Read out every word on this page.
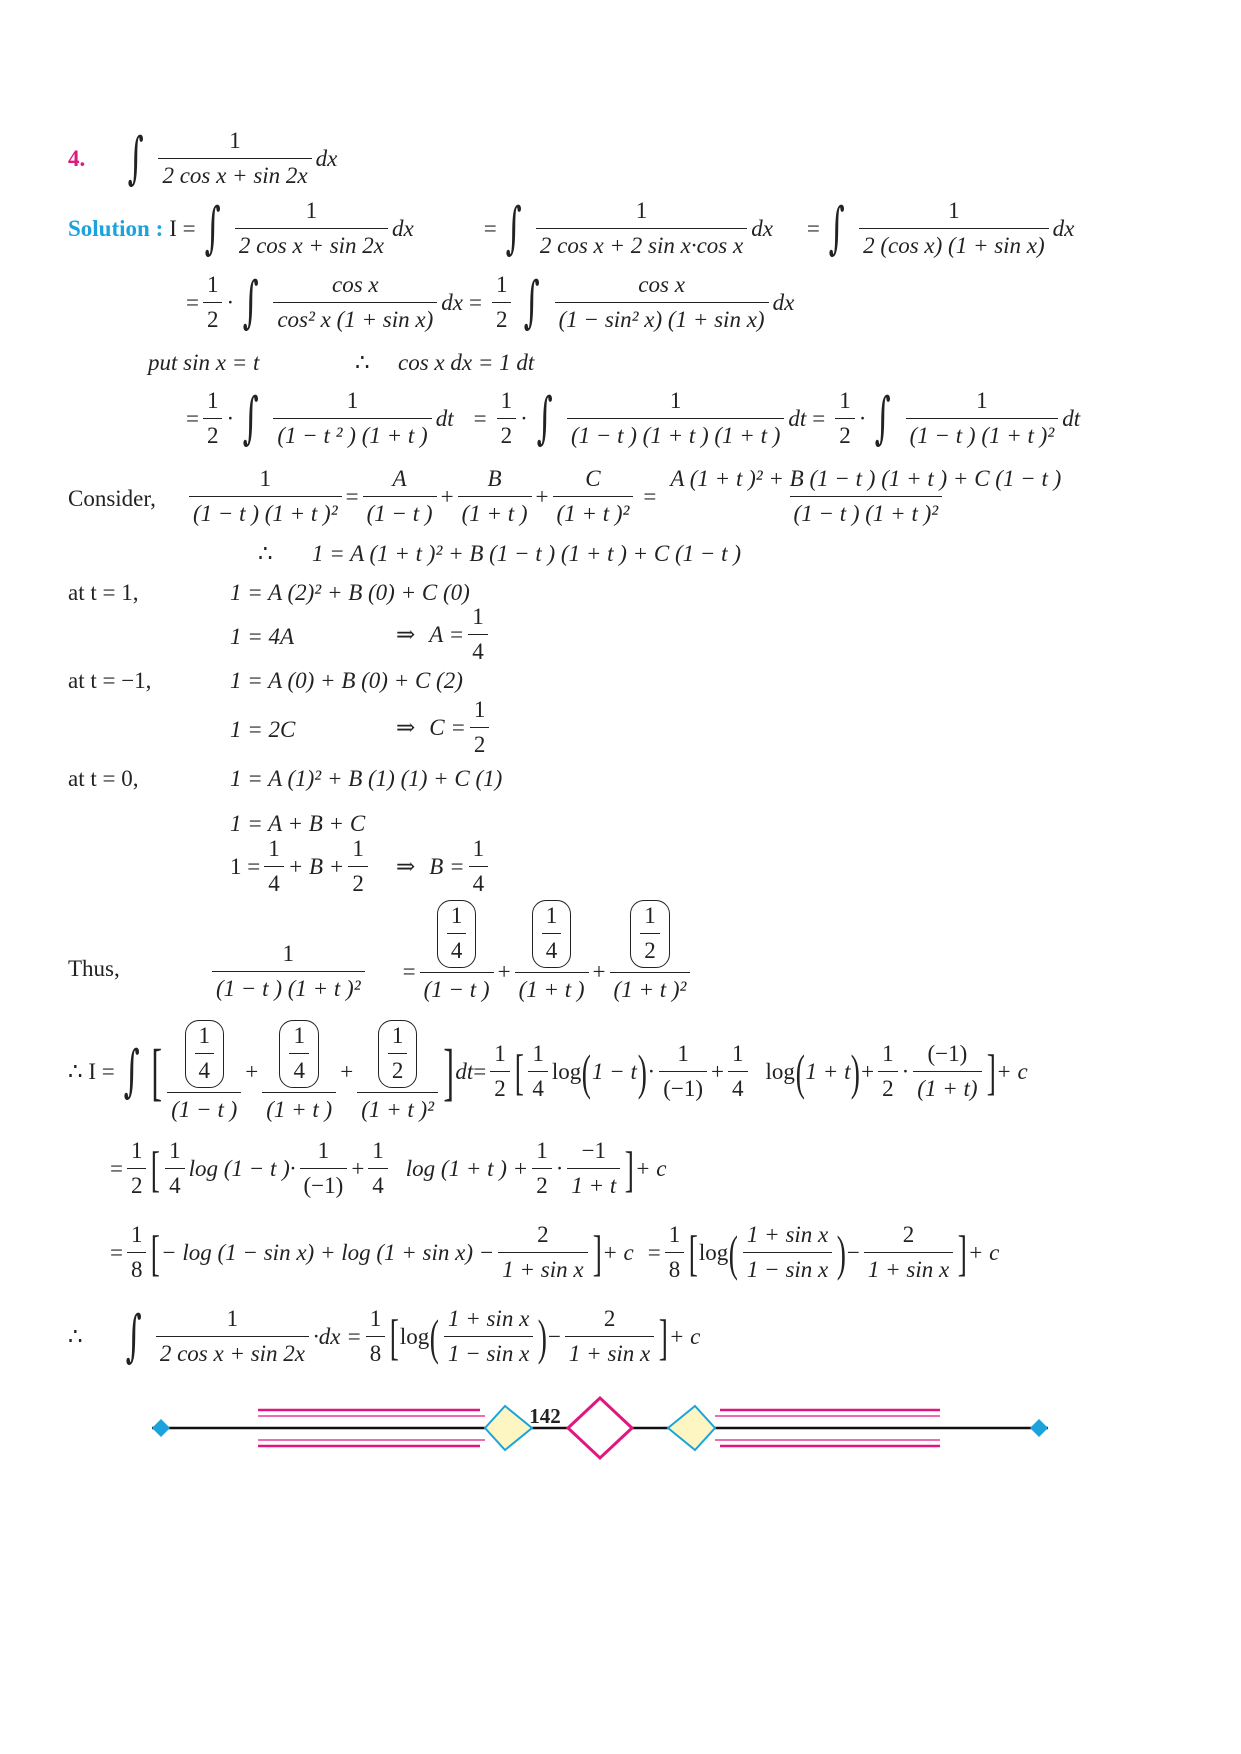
4. ∫ $\frac{1}{\text{2 cos x + sin 2x}}$ dx
Solution : I = ∫ $\frac{1}{\text{2 cos x + sin 2x}}$ dx	= ∫ $\frac{1}{\text{2 cos x + 2 sin x·cos x}}$ dx = ∫ $\frac{1}{\text{2 (cos x) (1 + sin x)}}$ dx
= $\frac{1}{2}$ · ∫ $\frac{\text{cos x}}{\text{cos² x (1 + sin x)}}$ dx = $\frac{1}{2}$ ∫ $\frac{\text{cos x}}{\text{(1 − sin² x) (1 + sin x)}}$ dx
put sin x = t	∴ cos x dx = 1 dt
= $\frac{1}{2}$ · ∫ $\frac{1}{\text{(1 − t ² ) (1 + t )}}$ dt = $\frac{1}{2}$ · ∫ $\frac{1}{(1 - t ) (1 + t ) (1 + t )}$ dt = $\frac{1}{2}$ · ∫ $\frac{1}{\text{(1 − t ) (1 + t )²}}$ dt
Consider, $\frac{1}{\text{(1 − t ) (1 + t )²}} = \frac{A}{(1 - t )} + \frac{B}{(1 + t )} + \frac{C}{\text{(1 + t )²}} = \frac{\text{A (1 + t )² + B (1 − t ) (1 + t ) + C (1 − t )}}{\text{(1 − t ) (1 + t )²}}$
∴ 1 = A (1 + t )² + B (1 − t ) (1 + t ) + C (1 − t )
at t = 1,	1 = A (2)² + B (0) + C (0)
1 = 4A	⇒ $A = \frac{1}{4}$
at t = −1,	1 = A (0) + B (0) + C (2)
1 = 2C	⇒ $C = \frac{1}{2}$
at t = 0,	1 = A (1)² + B (1) (1) + C (1)
1 = A + B + C
$1 = \frac{1}{4} + B + \frac{1}{2}$ ⇒ $B = \frac{1}{4}$
Thus,	$\frac{1}{\text{(1 − t ) (1 + t )²}} = \frac{\frac{1}{4}}{(1 - t )} + \frac{\frac{1}{4}}{(1 + t )} + \frac{\frac{1}{2}}{\text{(1 + t )²}}$
∴ I = ∫ [ $\frac{\frac{1}{4}}{(1 - t )} + \frac{\frac{1}{4}}{(1 + t )} + \frac{\frac{1}{2}}{\text{(1 + t )²}}$ ] dt = $\frac{1}{2}$ [ $\frac{1}{4}$ log ( 1 − t ) · $\frac{1}{(-1)} + \frac{1}{4}$ log ( 1 + t ) + $\frac{1}{2} \cdot \frac{(-1)}{(1 + t)}$ ] + c
= $\frac{1}{2}$ [ $\frac{1}{4}$ log (1 − t )· $\frac{1}{(-1)} + \frac{1}{4}$ log (1 + t ) + $\frac{1}{2} \cdot \frac{-1}{1 + t}$ ] + c
= $\frac{1}{8}$ [ − $\log (1 - \sin x) + \log (1 + \sin x) - \frac{2}{\text{1 + sin x}}$ ] + $c = \frac{1}{8}$ [ log ( $\frac{\text{1 + sin x}}{\text{1 − sin x}}$ ) − $\frac{2}{\text{1 + sin x}}$ ] + c
∴ ∫ $\frac{1}{\text{2 cos x + sin 2x}} \cdot dx = \frac{1}{8}$ [ log ( $\frac{\text{1 + sin x}}{\text{1 − sin x}}$ ) − $\frac{2}{\text{1 + sin x}}$ ] + c
142
